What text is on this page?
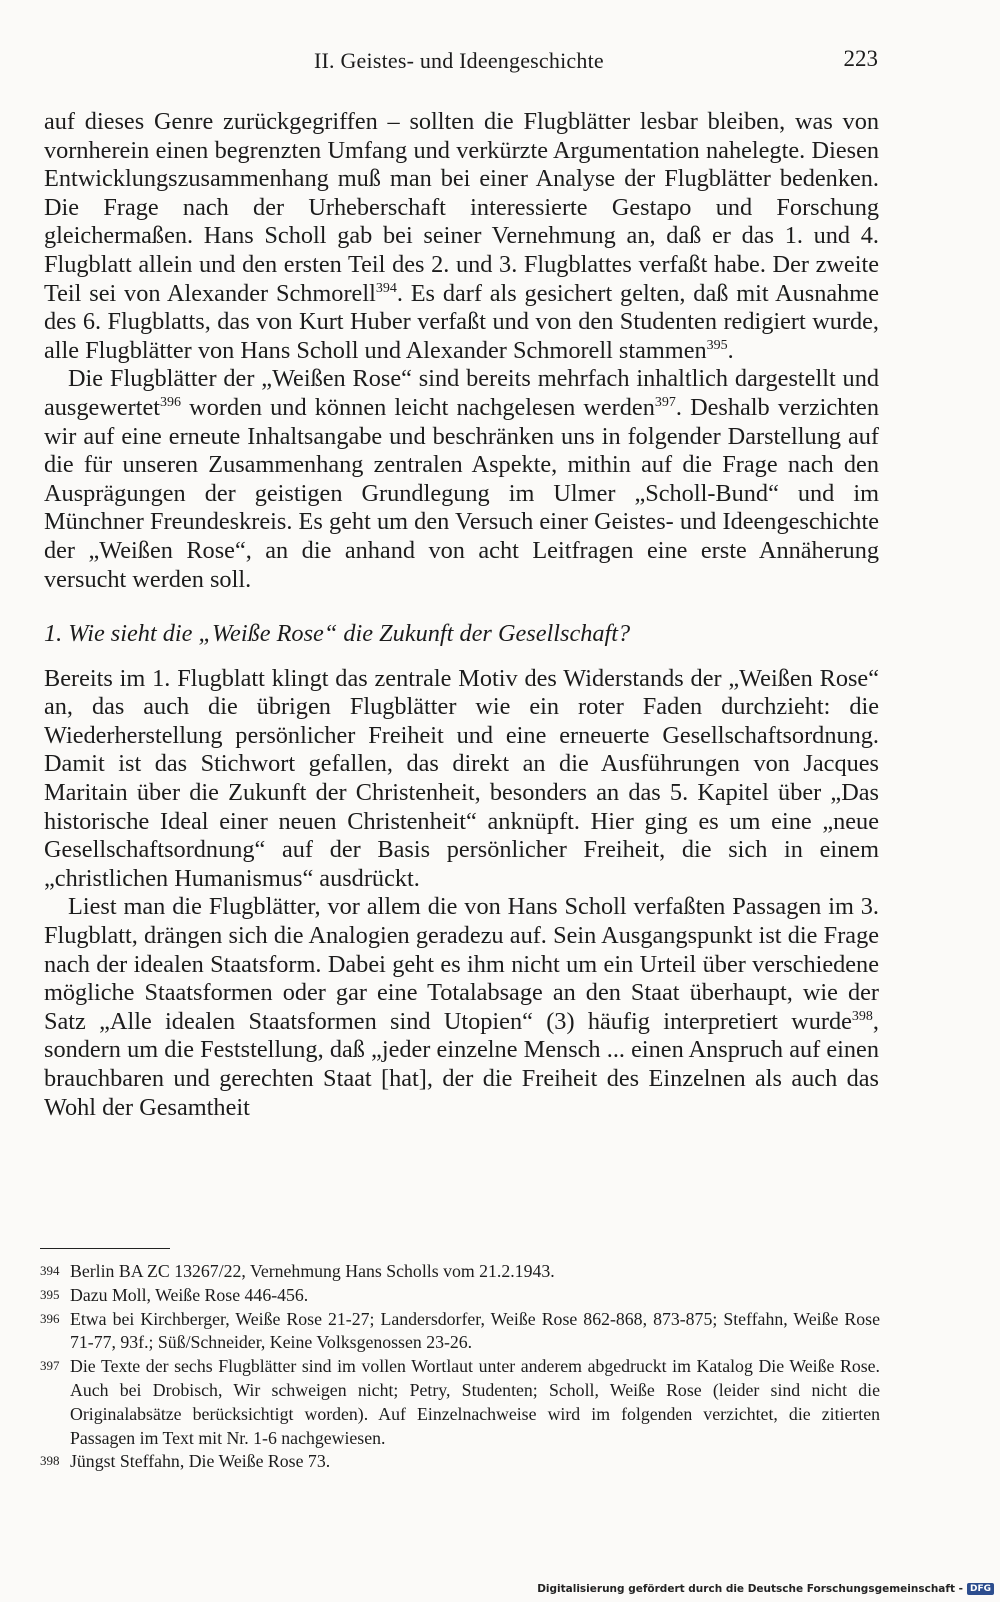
II. Geistes- und Ideengeschichte	223

auf dieses Genre zurückgegriffen – sollten die Flugblätter lesbar bleiben, was von vornherein einen begrenzten Umfang und verkürzte Argumentation nahelegte. Diesen Entwicklungszusammenhang muß man bei einer Analyse der Flugblätter bedenken. Die Frage nach der Urheberschaft interessierte Gestapo und Forschung gleichermaßen. Hans Scholl gab bei seiner Vernehmung an, daß er das 1. und 4. Flugblatt allein und den ersten Teil des 2. und 3. Flugblattes verfaßt habe. Der zweite Teil sei von Alexander Schmorell$^{394}$. Es darf als gesichert gelten, daß mit Ausnahme des 6. Flugblatts, das von Kurt Huber verfaßt und von den Studenten redigiert wurde, alle Flugblätter von Hans Scholl und Alexander Schmorell stammen$^{395}$.

Die Flugblätter der „Weißen Rose“ sind bereits mehrfach inhaltlich dargestellt und ausgewertet$^{396}$ worden und können leicht nachgelesen werden$^{397}$. Deshalb verzichten wir auf eine erneute Inhaltsangabe und beschränken uns in folgender Darstellung auf die für unseren Zusammenhang zentralen Aspekte, mithin auf die Frage nach den Ausprägungen der geistigen Grundlegung im Ulmer „Scholl-Bund“ und im Münchner Freundeskreis. Es geht um den Versuch einer Geistes- und Ideengeschichte der „Weißen Rose“, an die anhand von acht Leitfragen eine erste Annäherung versucht werden soll.

1. Wie sieht die „Weiße Rose“ die Zukunft der Gesellschaft?

Bereits im 1. Flugblatt klingt das zentrale Motiv des Widerstands der „Weißen Rose“ an, das auch die übrigen Flugblätter wie ein roter Faden durchzieht: die Wiederherstellung persönlicher Freiheit und eine erneuerte Gesellschaftsordnung. Damit ist das Stichwort gefallen, das direkt an die Ausführungen von Jacques Maritain über die Zukunft der Christenheit, besonders an das 5. Kapitel über „Das historische Ideal einer neuen Christenheit“ anknüpft. Hier ging es um eine „neue Gesellschaftsordnung“ auf der Basis persönlicher Freiheit, die sich in einem „christlichen Humanismus“ ausdrückt.

Liest man die Flugblätter, vor allem die von Hans Scholl verfaßten Passagen im 3. Flugblatt, drängen sich die Analogien geradezu auf. Sein Ausgangspunkt ist die Frage nach der idealen Staatsform. Dabei geht es ihm nicht um ein Urteil über verschiedene mögliche Staatsformen oder gar eine Totalabsage an den Staat überhaupt, wie der Satz „Alle idealen Staatsformen sind Utopien“ (3) häufig interpretiert wurde$^{398}$, sondern um die Feststellung, daß „jeder einzelne Mensch ... einen Anspruch auf einen brauchbaren und gerechten Staat [hat], der die Freiheit des Einzelnen als auch das Wohl der Gesamtheit

394 Berlin BA ZC 13267/22, Vernehmung Hans Scholls vom 21.2.1943.
395 Dazu Moll, Weiße Rose 446-456.
396 Etwa bei Kirchberger, Weiße Rose 21-27; Landersdorfer, Weiße Rose 862-868, 873-875; Steffahn, Weiße Rose 71-77, 93f.; Süß/Schneider, Keine Volksgenossen 23-26.
397 Die Texte der sechs Flugblätter sind im vollen Wortlaut unter anderem abgedruckt im Katalog Die Weiße Rose. Auch bei Drobisch, Wir schweigen nicht; Petry, Studenten; Scholl, Weiße Rose (leider sind nicht die Originalabsätze berücksichtigt worden). Auf Einzelnachweise wird im folgenden verzichtet, die zitierten Passagen im Text mit Nr. 1-6 nachgewiesen.
398 Jüngst Steffahn, Die Weiße Rose 73.
Digitalisierung gefördert durch die Deutsche Forschungsgemeinschaft - DFG
